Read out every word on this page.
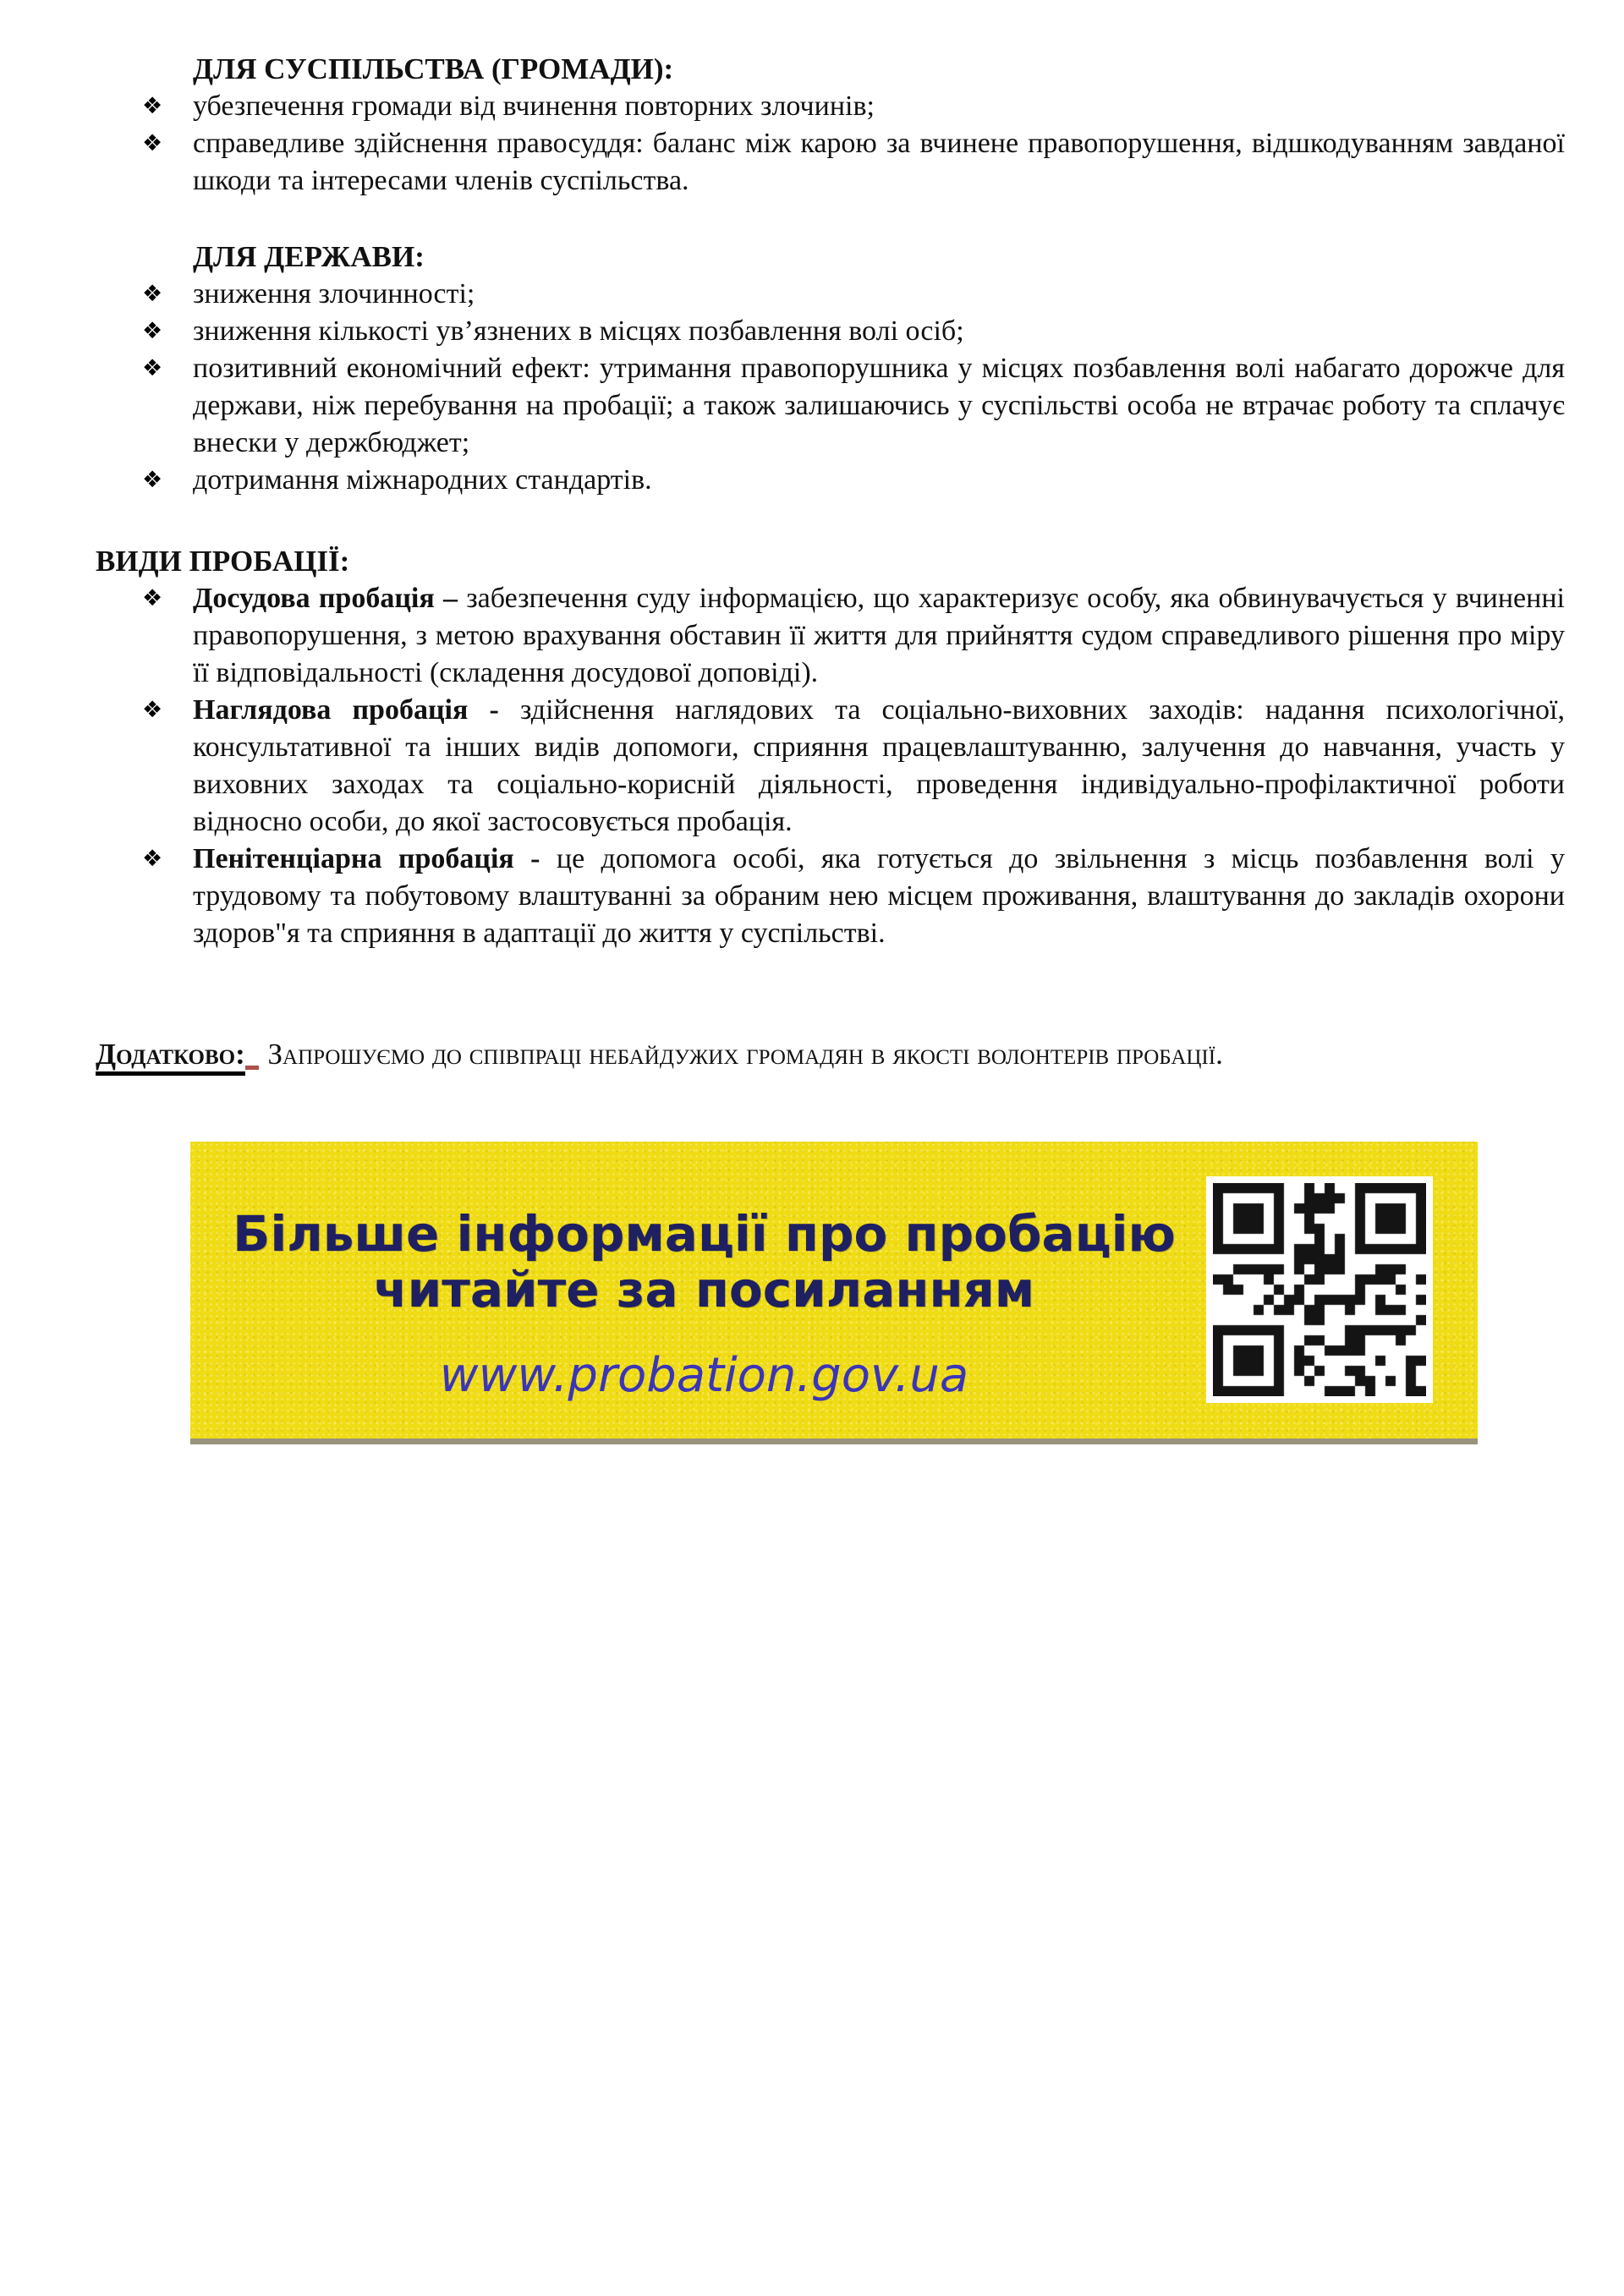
ДЛЯ СУСПІЛЬСТВА (ГРОМАДИ):
❖ убезпечення громади від вчинення повторних злочинів;
❖ справедливе здійснення правосуддя: баланс між карою за вчинене правопорушення, відшкодуванням завданої шкоди та інтересами членів суспільства.
ДЛЯ ДЕРЖАВИ:
❖ зниження злочинності;
❖ зниження кількості ув’язнених в місцях позбавлення волі осіб;
❖ позитивний економічний ефект: утримання правопорушника у місцях позбавлення волі набагато дорожче для держави, ніж перебування на пробації; а також залишаючись у суспільстві особа не втрачає роботу та сплачує внески у держбюджет;
❖ дотримання міжнародних стандартів.
ВИДИ ПРОБАЦІЇ:
❖ Досудова пробація – забезпечення суду інформацією, що характеризує особу, яка обвинувачується у вчиненні правопорушення, з метою врахування обставин її життя для прийняття судом справедливого рішення про міру її відповідальності (складення досудової доповіді).
❖ Наглядова пробація - здійснення наглядових та соціально-виховних заходів: надання психологічної, консультативної та інших видів допомоги, сприяння працевлаштуванню, залучення до навчання, участь у виховних заходах та соціально-корисній діяльності, проведення індивідуально-профілактичної роботи відносно особи, до якої застосовується пробація.
❖ Пенітенціарна пробація - це допомога особі, яка готується до звільнення з місць позбавлення волі у трудовому та побутовому влаштуванні за обраним нею місцем проживання, влаштування до закладів охорони здоров"я та сприяння в адаптації до життя у суспільстві.

Додатково: Запрошуємо до співпраці небайдужих громадян в якості волонтерів пробації.

Більше інформації про пробацію
читайте за посиланням
www.probation.gov.ua
